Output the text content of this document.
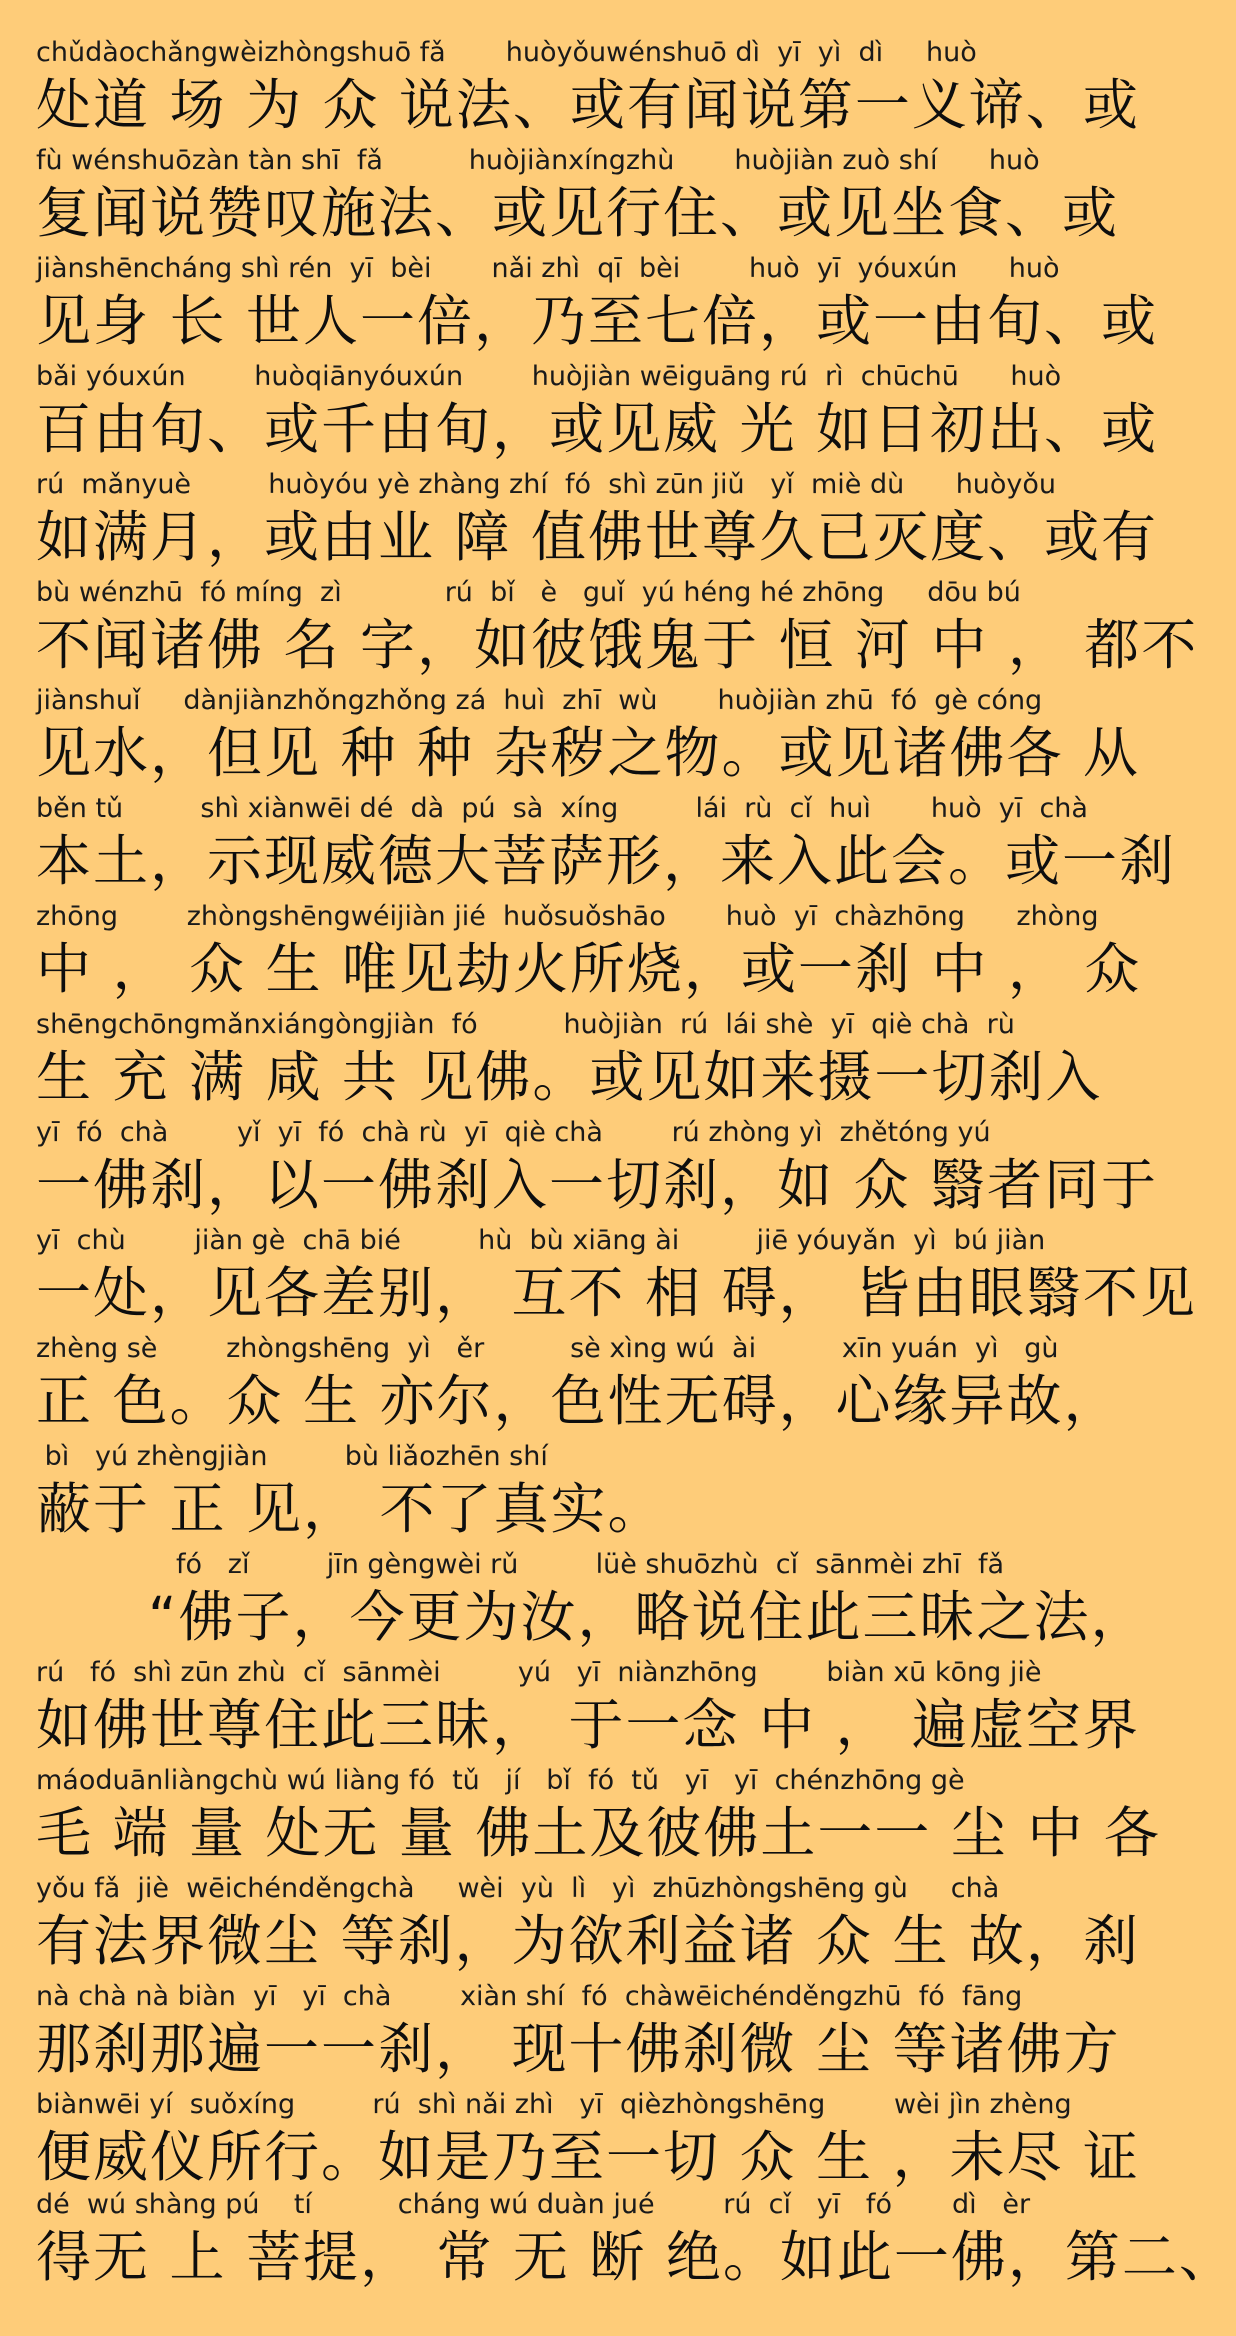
chǔdàochǎngwèizhòngshuō fǎ       huòyǒuwénshuō dì  yī  yì  dì     huò
处道 场 为 众 说法、或有闻说第一义谛、或
fù wénshuōzàn tàn shī  fǎ          huòjiànxíngzhù       huòjiàn zuò shí      huò
复闻说赞叹施法、或见行住、或见坐食、或
jiànshēncháng shì rén  yī  bèi       nǎi zhì  qī  bèi        huò  yī  yóuxún      huò
见身 长 世人一倍，乃至七倍，或一由旬、或
bǎi yóuxún        huòqiānyóuxún        huòjiàn wēiguāng rú  rì  chūchū      huò
百由旬、或千由旬，或见威 光 如日初出、或
rú  mǎnyuè         huòyóu yè zhàng zhí  fó  shì zūn jiǔ   yǐ  miè dù      huòyǒu
如满月，或由业 障 值佛世尊久已灭度、或有
bù wénzhū  fó míng  zì            rú  bǐ   è   guǐ  yú héng hé zhōng     dōu bú
不闻诸佛 名 字，如彼饿鬼于 恒 河 中 ， 都不
jiànshuǐ     dànjiànzhǒngzhǒng zá  huì  zhī  wù       huòjiàn zhū  fó  gè cóng
见水，但见 种 种 杂秽之物。或见诸佛各 从
běn tǔ         shì xiànwēi dé  dà  pú  sà  xíng         lái  rù  cǐ  huì       huò  yī  chà
本土，示现威德大菩萨形，来入此会。或一刹
zhōng        zhòngshēngwéijiàn jié  huǒsuǒshāo       huò  yī  chàzhōng      zhòng
中 ， 众 生 唯见劫火所烧，或一刹 中 ， 众
shēngchōngmǎnxiángòngjiàn  fó          huòjiàn  rú  lái shè  yī  qiè chà  rù
生 充 满 咸 共 见佛。或见如来摄一切刹入
yī  fó  chà        yǐ  yī  fó  chà rù  yī  qiè chà        rú zhòng yì  zhětóng yú
一佛刹，以一佛刹入一切刹，如 众 翳者同于
yī  chù        jiàn gè  chā bié         hù  bù xiāng ài         jiē yóuyǎn  yì  bú jiàn
一处，见各差别， 互不 相 碍， 皆由眼翳不见
zhèng sè        zhòngshēng  yì   ěr          sè xìng wú  ài          xīn yuán  yì   gù
正 色。众 生 亦尔，色性无碍，心缘异故，
bì   yú zhèngjiàn         bù liǎozhēn shí
蔽于 正 见， 不了真实。
fó   zǐ         jīn gèngwèi rǔ         lüè shuōzhù  cǐ  sānmèi zhī  fǎ
“佛子，今更为汝，略说住此三昧之法，
rú   fó  shì zūn zhù  cǐ  sānmèi         yú   yī  niànzhōng        biàn xū kōng jiè
如佛世尊住此三昧， 于一念 中 ， 遍虚空界
máoduānliàngchù wú liàng fó  tǔ   jí   bǐ  fó  tǔ   yī   yī  chénzhōng gè
毛 端 量 处无 量 佛土及彼佛土一一 尘 中 各
yǒu fǎ  jiè  wēichénděngchà     wèi  yù  lì   yì  zhūzhòngshēng gù     chà
有法界微尘 等刹，为欲利益诸 众 生 故，刹
nà chà nà biàn  yī   yī  chà        xiàn shí  fó  chàwēichénděngzhū  fó  fāng
那刹那遍一一刹， 现十佛刹微 尘 等诸佛方
biànwēi yí  suǒxíng         rú  shì nǎi zhì   yī  qièzhòngshēng        wèi jìn zhèng
便威仪所行。如是乃至一切 众 生 ，未尽 证
dé  wú shàng pú    tí          cháng wú duàn jué        rú  cǐ   yī   fó       dì   èr
得无 上 菩提， 常 无 断 绝。如此一佛，第二、
